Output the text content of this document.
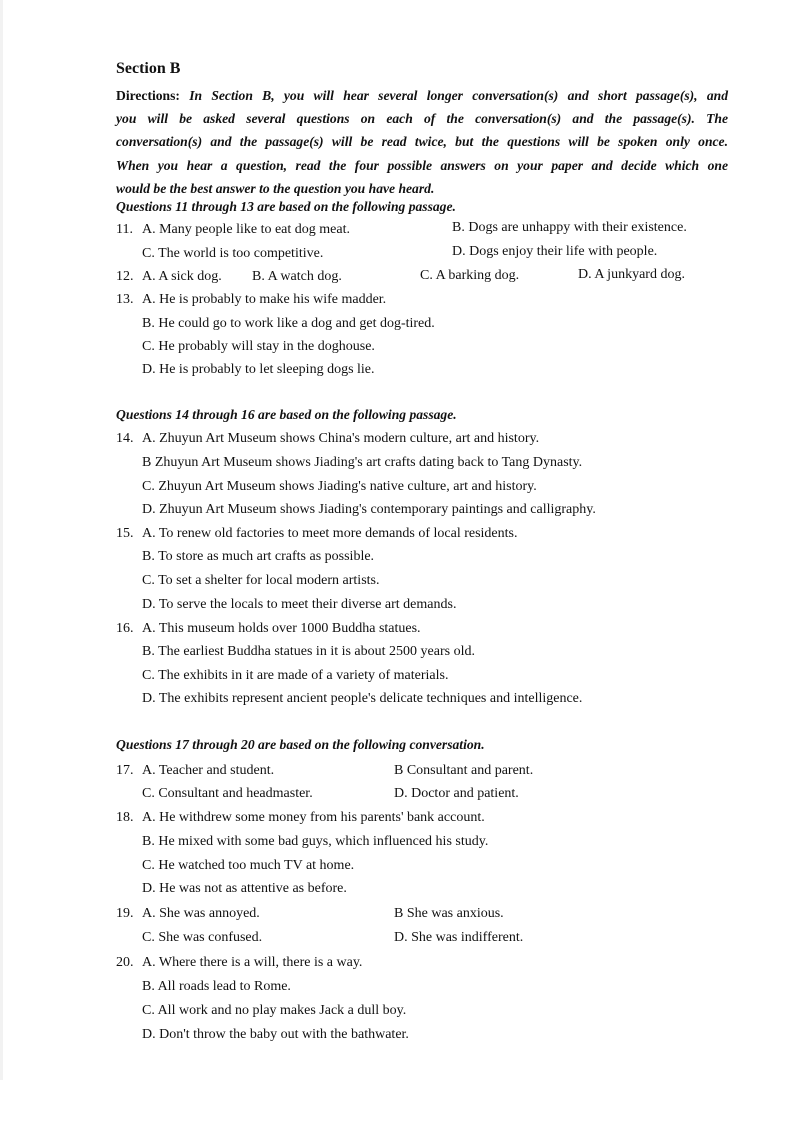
Section B
Directions: In Section B, you will hear several longer conversation(s) and short passage(s), and
you will be asked several questions on each of the conversation(s) and the passage(s). The
conversation(s) and the passage(s) will be read twice, but the questions will be spoken only once.
When you hear a question, read the four possible answers on your paper and decide which one
would be the best answer to the question you have heard.
Questions 11 through 13 are based on the following passage.
11. A. Many people like to eat dog meat.	B. Dogs are unhappy with their existence.
C. The world is too competitive.	D. Dogs enjoy their life with people.
12. A. A sick dog. B. A watch dog.	C. A barking dog.	D. A junkyard dog.
13. A. He is probably to make his wife madder.
B. He could go to work like a dog and get dog-tired.
C. He probably will stay in the doghouse.
D. He is probably to let sleeping dogs lie.
Questions 14 through 16 are based on the following passage.
14. A. Zhuyun Art Museum shows China's modern culture, art and history.
B Zhuyun Art Museum shows Jiading's art crafts dating back to Tang Dynasty.
C. Zhuyun Art Museum shows Jiading's native culture, art and history.
D. Zhuyun Art Museum shows Jiading's contemporary paintings and calligraphy.
15. A. To renew old factories to meet more demands of local residents.
B. To store as much art crafts as possible.
C. To set a shelter for local modern artists.
D. To serve the locals to meet their diverse art demands.
16. A. This museum holds over 1000 Buddha statues.
B. The earliest Buddha statues in it is about 2500 years old.
C. The exhibits in it are made of a variety of materials.
D. The exhibits represent ancient people's delicate techniques and intelligence.
Questions 17 through 20 are based on the following conversation.
17. A. Teacher and student.	B Consultant and parent.
C. Consultant and headmaster.	D. Doctor and patient.
18. A. He withdrew some money from his parents' bank account.
B. He mixed with some bad guys, which influenced his study.
C. He watched too much TV at home.
D. He was not as attentive as before.
19. A. She was annoyed.	B She was anxious.
C. She was confused.	D. She was indifferent.
20. A. Where there is a will, there is a way.
B. All roads lead to Rome.
C. All work and no play makes Jack a dull boy.
D. Don't throw the baby out with the bathwater.
